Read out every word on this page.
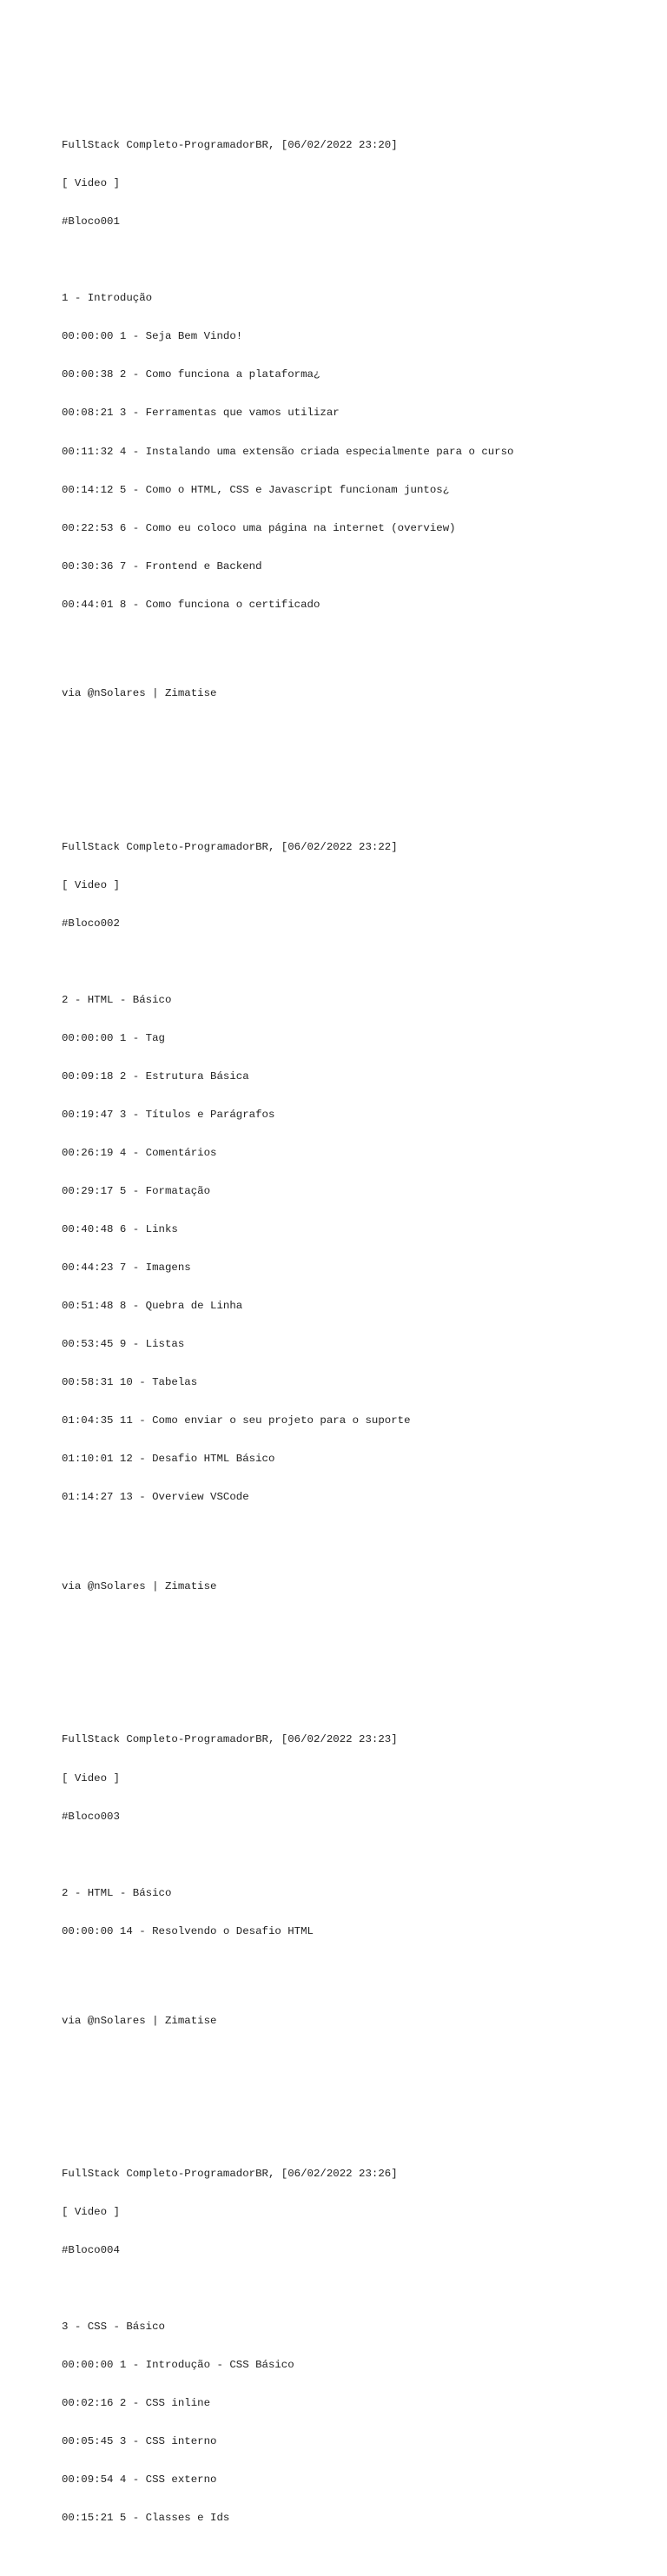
FullStack Completo-ProgramadorBR, [06/02/2022 23:20]

[ Video ]

#Bloco001

1 - Introdução

00:00:00 1 - Seja Bem Vindo!

00:00:38 2 - Como funciona a plataforma¿

00:08:21 3 - Ferramentas que vamos utilizar

00:11:32 4 - Instalando uma extensão criada especialmente para o curso

00:14:12 5 - Como o HTML, CSS e Javascript funcionam juntos¿

00:22:53 6 - Como eu coloco uma página na internet (overview)

00:30:36 7 - Frontend e Backend

00:44:01 8 - Como funciona o certificado

via @nSolares | Zimatise

FullStack Completo-ProgramadorBR, [06/02/2022 23:22]

[ Video ]

#Bloco002

2 - HTML - Básico

00:00:00 1 - Tag

00:09:18 2 - Estrutura Básica

00:19:47 3 - Títulos e Parágrafos

00:26:19 4 - Comentários

00:29:17 5 - Formatação

00:40:48 6 - Links

00:44:23 7 - Imagens

00:51:48 8 - Quebra de Linha

00:53:45 9 - Listas

00:58:31 10 - Tabelas

01:04:35 11 - Como enviar o seu projeto para o suporte

01:10:01 12 - Desafio HTML Básico

01:14:27 13 - Overview VSCode

via @nSolares | Zimatise

FullStack Completo-ProgramadorBR, [06/02/2022 23:23]

[ Video ]

#Bloco003

2 - HTML - Básico

00:00:00 14 - Resolvendo o Desafio HTML

via @nSolares | Zimatise

FullStack Completo-ProgramadorBR, [06/02/2022 23:26]

[ Video ]

#Bloco004

3 - CSS - Básico

00:00:00 1 - Introdução - CSS Básico

00:02:16 2 - CSS inline

00:05:45 3 - CSS interno

00:09:54 4 - CSS externo

00:15:21 5 - Classes e Ids
